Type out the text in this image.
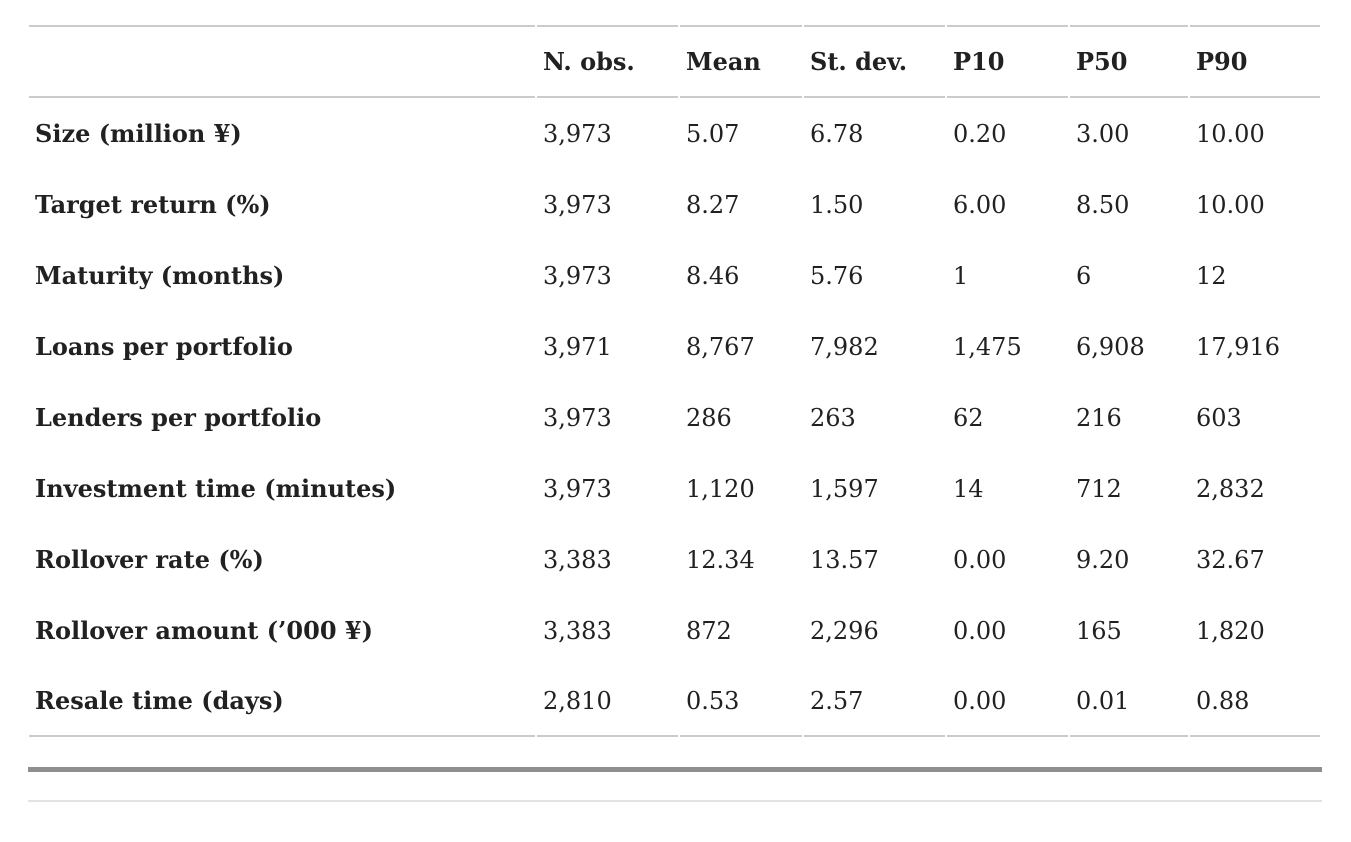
	N. obs.	Mean	St. dev.	P10	P50	P90
Size (million ¥)	3,973	5.07	6.78	0.20	3.00	10.00
Target return (%)	3,973	8.27	1.50	6.00	8.50	10.00
Maturity (months)	3,973	8.46	5.76	1	6	12
Loans per portfolio	3,971	8,767	7,982	1,475	6,908	17,916
Lenders per portfolio	3,973	286	263	62	216	603
Investment time (minutes)	3,973	1,120	1,597	14	712	2,832
Rollover rate (%)	3,383	12.34	13.57	0.00	9.20	32.67
Rollover amount (’000 ¥)	3,383	872	2,296	0.00	165	1,820
Resale time (days)	2,810	0.53	2.57	0.00	0.01	0.88
